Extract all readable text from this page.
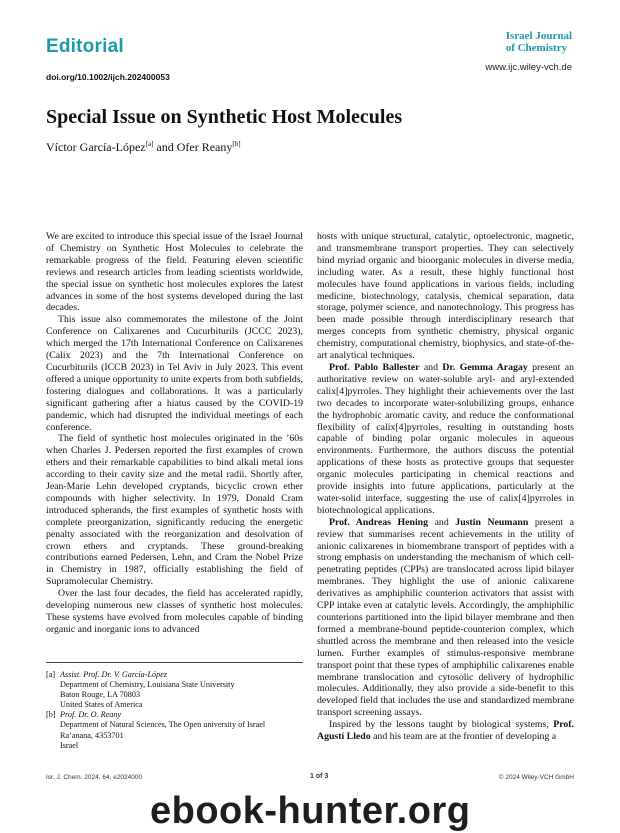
Editorial
doi.org/10.1002/ijch.202400053
Israel Journal
of Chemistry
www.ijc.wiley-vch.de
Special Issue on Synthetic Host Molecules
Víctor García-López[a] and Ofer Reany[b]

We are excited to introduce this special issue of the Israel Journal of Chemistry on Synthetic Host Molecules to celebrate the remarkable progress of the field. Featuring eleven scientific reviews and research articles from leading scientists worldwide, the special issue on synthetic host molecules explores the latest advances in some of the host systems developed during the last decades.

This issue also commemorates the milestone of the Joint Conference on Calixarenes and Cucurbiturils (JCCC 2023), which merged the 17th International Conference on Calixarenes (Calix 2023) and the 7th International Conference on Cucurbiturils (ICCB 2023) in Tel Aviv in July 2023. This event offered a unique opportunity to unite experts from both subfields, fostering dialogues and collaborations. It was a particularly significant gathering after a hiatus caused by the COVID-19 pandemic, which had disrupted the individual meetings of each conference.

The field of synthetic host molecules originated in the ’60s when Charles J. Pedersen reported the first examples of crown ethers and their remarkable capabilities to bind alkali metal ions according to their cavity size and the metal radii. Shortly after, Jean-Marie Lehn developed cryptands, bicyclic crown ether compounds with higher selectivity. In 1979, Donald Cram introduced spherands, the first examples of synthetic hosts with complete preorganization, significantly reducing the energetic penalty associated with the reorganization and desolvation of crown ethers and cryptands. These ground-breaking contributions earned Pedersen, Lehn, and Cram the Nobel Prize in Chemistry in 1987, officially establishing the field of Supramolecular Chemistry.

Over the last four decades, the field has accelerated rapidly, developing numerous new classes of synthetic host molecules. These systems have evolved from molecules capable of binding organic and inorganic ions to advanced

hosts with unique structural, catalytic, optoelectronic, magnetic, and transmembrane transport properties. They can selectively bind myriad organic and bioorganic molecules in diverse media, including water. As a result, these highly functional host molecules have found applications in various fields, including medicine, biotechnology, catalysis, chemical separation, data storage, polymer science, and nanotechnology. This progress has been made possible through interdisciplinary research that merges concepts from synthetic chemistry, physical organic chemistry, computational chemistry, biophysics, and state-of-the-art analytical techniques.

Prof. Pablo Ballester and Dr. Gemma Aragay present an authoritative review on water-soluble aryl- and aryl-extended calix[4]pyrroles. They highlight their achievements over the last two decades to incorporate water-solubilizing groups, enhance the hydrophobic aromatic cavity, and reduce the conformational flexibility of calix[4]pyrroles, resulting in outstanding hosts capable of binding polar organic molecules in aqueous environments. Furthermore, the authors discuss the potential applications of these hosts as protective groups that sequester organic molecules participating in chemical reactions and provide insights into future applications, particularly at the water-solid interface, suggesting the use of calix[4]pyrroles in biotechnological applications.

Prof. Andreas Hening and Justin Neumann present a review that summarises recent achievements in the utility of anionic calixarenes in biomembrane transport of peptides with a strong emphasis on understanding the mechanism of which cell-penetrating peptides (CPPs) are translocated across lipid bilayer membranes. They highlight the use of anionic calixarene derivatives as amphiphilic counterion activators that assist with CPP intake even at catalytic levels. Accordingly, the amphiphilic counterions partitioned into the lipid bilayer membrane and then formed a membrane-bound peptide-counterion complex, which shuttled across the membrane and then released into the vesicle lumen. Further examples of stimulus-responsive membrane transport point that these types of amphiphilic calixarenes enable membrane translocation and cytosolic delivery of hydrophilic molecules. Additionally, they also provide a side-benefit to this developed field that includes the use and standardized membrane transport screening assays.

Inspired by the lessons taught by biological systems, Prof. Agustí Lledo and his team are at the frontier of developing a

[a] Assist. Prof. Dr. V. García-López
Department of Chemistry, Louisiana State University
Baton Rouge, LA 70803
United States of America
[b] Prof. Dr. O. Reany
Department of Natural Sciences, The Open university of Israel
Ra’anana, 4353701
Israel
Isr. J. Chem. 2024, 64, e2024000	1 of 3	© 2024 Wiley-VCH GmbH
ebook-hunter.org
